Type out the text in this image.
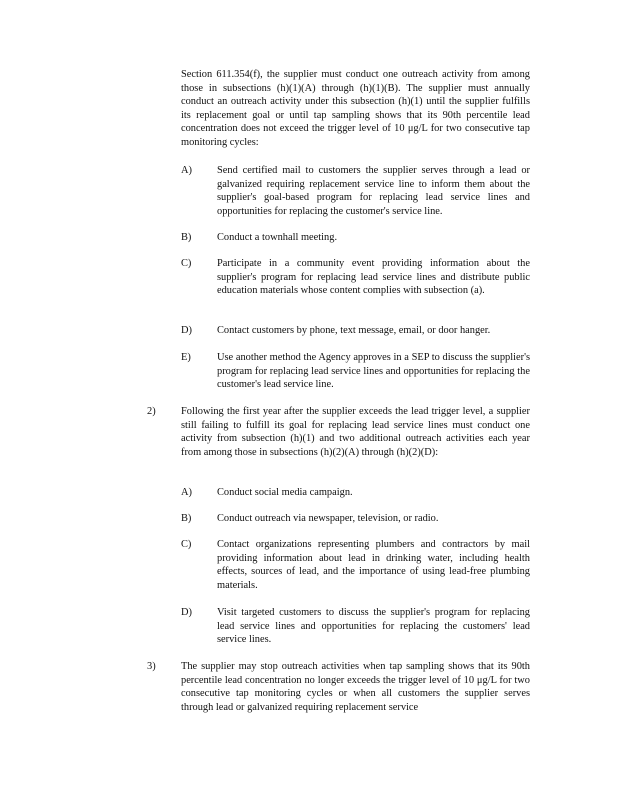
Section 611.354(f), the supplier must conduct one outreach activity from among those in subsections (h)(1)(A) through (h)(1)(B). The supplier must annually conduct an outreach activity under this subsection (h)(1) until the supplier fulfills its replacement goal or until tap sampling shows that its 90th percentile lead concentration does not exceed the trigger level of 10 μg/L for two consecutive tap monitoring cycles:

A) Send certified mail to customers the supplier serves through a lead or galvanized requiring replacement service line to inform them about the supplier's goal-based program for replacing lead service lines and opportunities for replacing the customer's service line.

B) Conduct a townhall meeting.

C) Participate in a community event providing information about the supplier's program for replacing lead service lines and distribute public education materials whose content complies with subsection (a).

D) Contact customers by phone, text message, email, or door hanger.

E)	Use another method the Agency approves in a SEP to discuss the supplier's program for replacing lead service lines and opportunities for replacing the customer's lead service line.

2) Following the first year after the supplier exceeds the lead trigger level, a supplier still failing to fulfill its goal for replacing lead service lines must conduct one activity from subsection (h)(1) and two additional outreach activities each year from among those in subsections (h)(2)(A) through (h)(2)(D):

A) Conduct social media campaign.

B) Conduct outreach via newspaper, television, or radio.

C) Contact organizations representing plumbers and contractors by mail providing information about lead in drinking water, including health effects, sources of lead, and the importance of using lead-free plumbing materials.

D) Visit targeted customers to discuss the supplier's program for replacing lead service lines and opportunities for replacing the customers' lead service lines.

3) The supplier may stop outreach activities when tap sampling shows that its 90th percentile lead concentration no longer exceeds the trigger level of 10 μg/L for two consecutive tap monitoring cycles or when all customers the supplier serves through lead or galvanized requiring replacement service
